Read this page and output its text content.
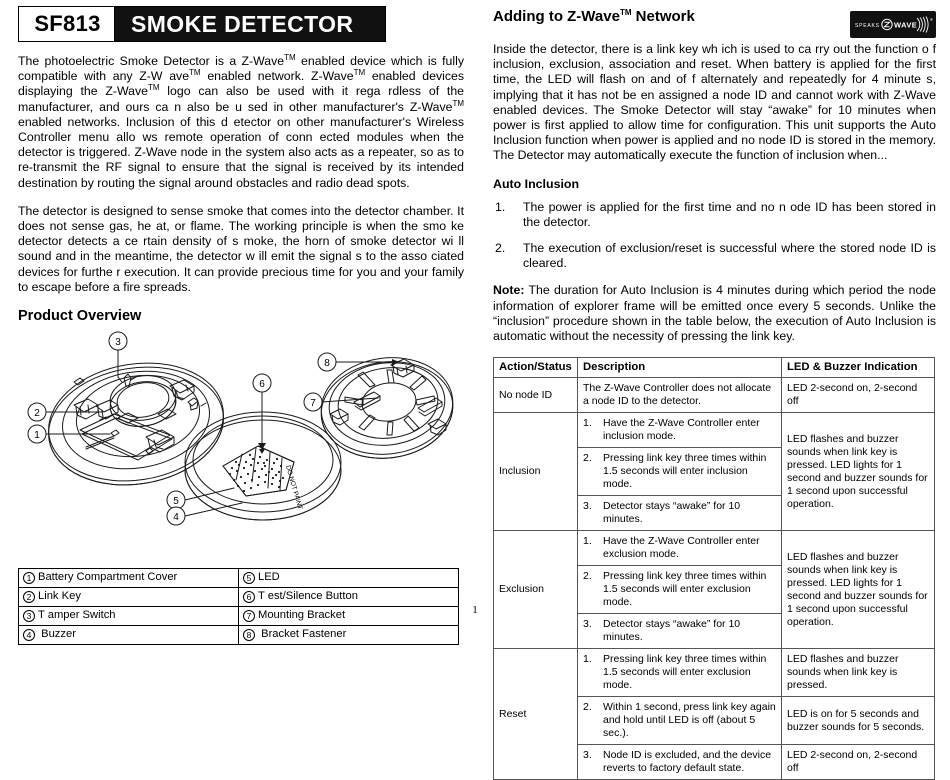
SF813	SMOKE DETECTOR

The photoelectric Smoke Detector is a Z-Wave™ enabled device which is fully compatible with any Z-W ave™ enabled network. Z-Wave™ enabled devices displaying the Z-Wave™ logo can also be used with it rega rdless of the manufacturer, and ours ca n also be u sed in other manufacturer's Z-Wave™ enabled networks. Inclusion of this d etector on other manufacturer's Wireless Controller menu allo ws remote operation of conn ected modules when the detector is triggered. Z-Wave node in the system also acts as a repeater, so as to re-transmit the RF signal to ensure that the signal is received by its intended destination by routing the signal around obstacles and radio dead spots.

The detector is designed to sense smoke that comes into the detector chamber. It does not sense gas, he at, or flame. The working principle is when the smo ke detector detects a ce rtain density of s moke, the horn of smoke detector wi ll sound and in the meantime, the detector w ill emit the signal s to the asso ciated devices for furthe r execution. It can provide precious time for you and your family to escape before a fire spreads.

Product Overview
3
2
1
5
4
6
7
8
DO NOT PAINT
1 Battery Compartment Cover	5 LED
2 Link Key	6 T est/Silence Button
3 T amper Switch	7 Mounting Bracket
4 Buzzer	8 Bracket Fastener
Adding to Z-Wave™ Network
SPEAKS WAVE
®

Inside the detector, there is a link key wh ich is used to ca rry out the function o f inclusion, exclusion, association and reset. When battery is applied for the first time, the LED will flash on and of f alternately and repeatedly for 4 minute s, implying that it has not be en assigned a node ID and cannot work with Z-Wave enabled devices. The Smoke Detector will stay “awake” for 10 minutes when power is first applied to allow time for configuration. This unit supports the Auto Inclusion function when power is applied and no node ID is stored in the memory. The Detector may automatically execute the function of inclusion when...

Auto Inclusion
1. The power is applied for the first time and no n ode ID has been stored in the detector.
2. The execution of exclusion/reset is successful where the stored node ID is cleared.

Note: The duration for Auto Inclusion is 4 minutes during which period the node information of explorer frame will be emitted once every 5 seconds. Unlike the “inclusion” procedure shown in the table below, the execution of Auto Inclusion is automatic without the necessity of pressing the link key.

Action/Status	Description	LED & Buzzer Indication
No node ID	The Z-Wave Controller does not allocate a node ID to the detector.	LED 2-second on, 2-second off
Inclusion	1. Have the Z-Wave Controller enter inclusion mode.	LED flashes and buzzer sounds when link key is pressed. LED lights for 1 second and buzzer sounds for 1 second upon successful operation.

	2. Pressing link key three times within 1.5 seconds will enter inclusion mode.	

	3. Detector stays “awake” for 10 minutes.	

Exclusion	1. Have the Z-Wave Controller enter exclusion mode.	LED flashes and buzzer sounds when link key is pressed. LED lights for 1 second and buzzer sounds for 1 second upon successful operation.

	2. Pressing link key three times within 1.5 seconds will enter exclusion mode.	

	3. Detector stays “awake” for 10 minutes.	

Reset	1. Pressing link key three times within 1.5 seconds will enter exclusion mode.	LED flashes and buzzer sounds when link key is pressed.

	2. Within 1 second, press link key again and hold until LED is off (about 5 sec.).	LED is on for 5 seconds and buzzer sounds for 5 seconds.

	3. Node ID is excluded, and the device reverts to factory default state.	LED 2-second on, 2-second off
1
